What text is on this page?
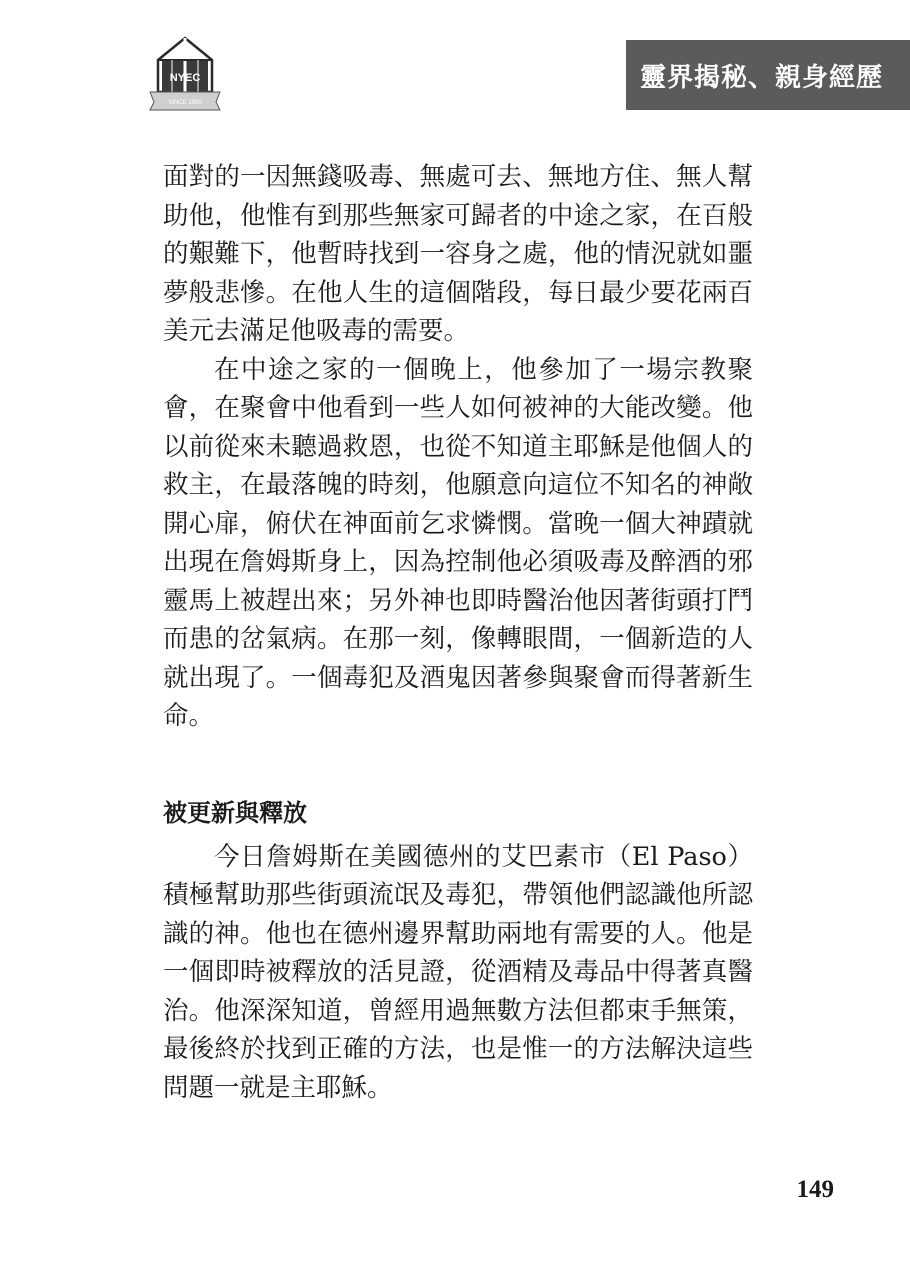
NYEC
SINCE 1990
靈界揭秘、親身經歷

面對的一因無錢吸毒、無處可去、無地方住、無人幫助他，他惟有到那些無家可歸者的中途之家，在百般的艱難下，他暫時找到一容身之處，他的情況就如噩夢般悲慘。在他人生的這個階段，每日最少要花兩百美元去滿足他吸毒的需要。

在中途之家的一個晚上，他參加了一場宗教聚會，在聚會中他看到一些人如何被神的大能改變。他以前從來未聽過救恩，也從不知道主耶穌是他個人的救主，在最落魄的時刻，他願意向這位不知名的神敞開心扉，俯伏在神面前乞求憐憫。當晚一個大神蹟就出現在詹姆斯身上，因為控制他必須吸毒及醉酒的邪靈馬上被趕出來；另外神也即時醫治他因著街頭打鬥而患的岔氣病。在那一刻，像轉眼間，一個新造的人就出現了。一個毒犯及酒鬼因著參與聚會而得著新生命。

被更新與釋放

今日詹姆斯在美國德州的艾巴素市（El Paso）積極幫助那些街頭流氓及毒犯，帶領他們認識他所認識的神。他也在德州邊界幫助兩地有需要的人。他是一個即時被釋放的活見證，從酒精及毒品中得著真醫治。他深深知道，曾經用過無數方法但都束手無策，最後終於找到正確的方法，也是惟一的方法解決這些問題一就是主耶穌。

149
